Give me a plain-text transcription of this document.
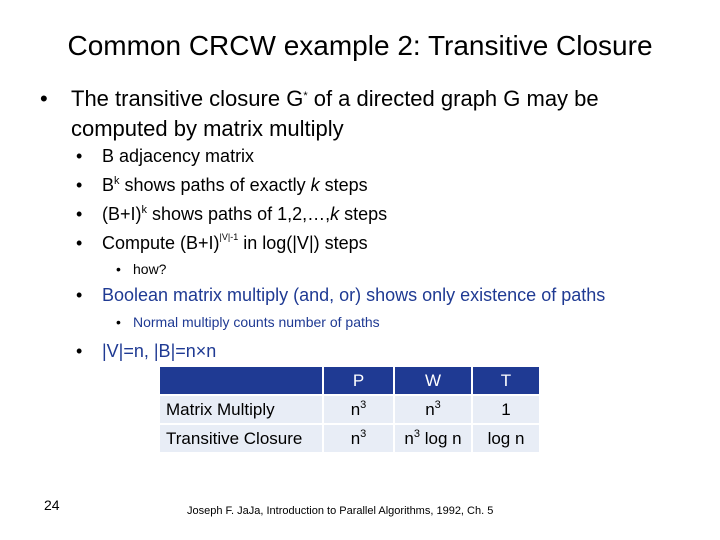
Common CRCW example 2: Transitive Closure
•	The transitive closure G* of a directed graph G may be computed by matrix multiply
• B adjacency matrix
• $B^k$ shows paths of exactly k steps
• $(B+I)^k$ shows paths of 1,2,…,k steps
• Compute $(B+I)^{|V|-1}$ in log(|V|) steps
• how?
• Boolean matrix multiply (and, or) shows only existence of paths
• Normal multiply counts number of paths
• |V|=n, |B|=n×n
	P	W	T
Matrix Multiply	$n^3$	$n^3$	1
Transitive Closure	$n^3$	$n^3$ log n	log n
24	Joseph F. JaJa, Introduction to Parallel Algorithms, 1992, Ch. 5
